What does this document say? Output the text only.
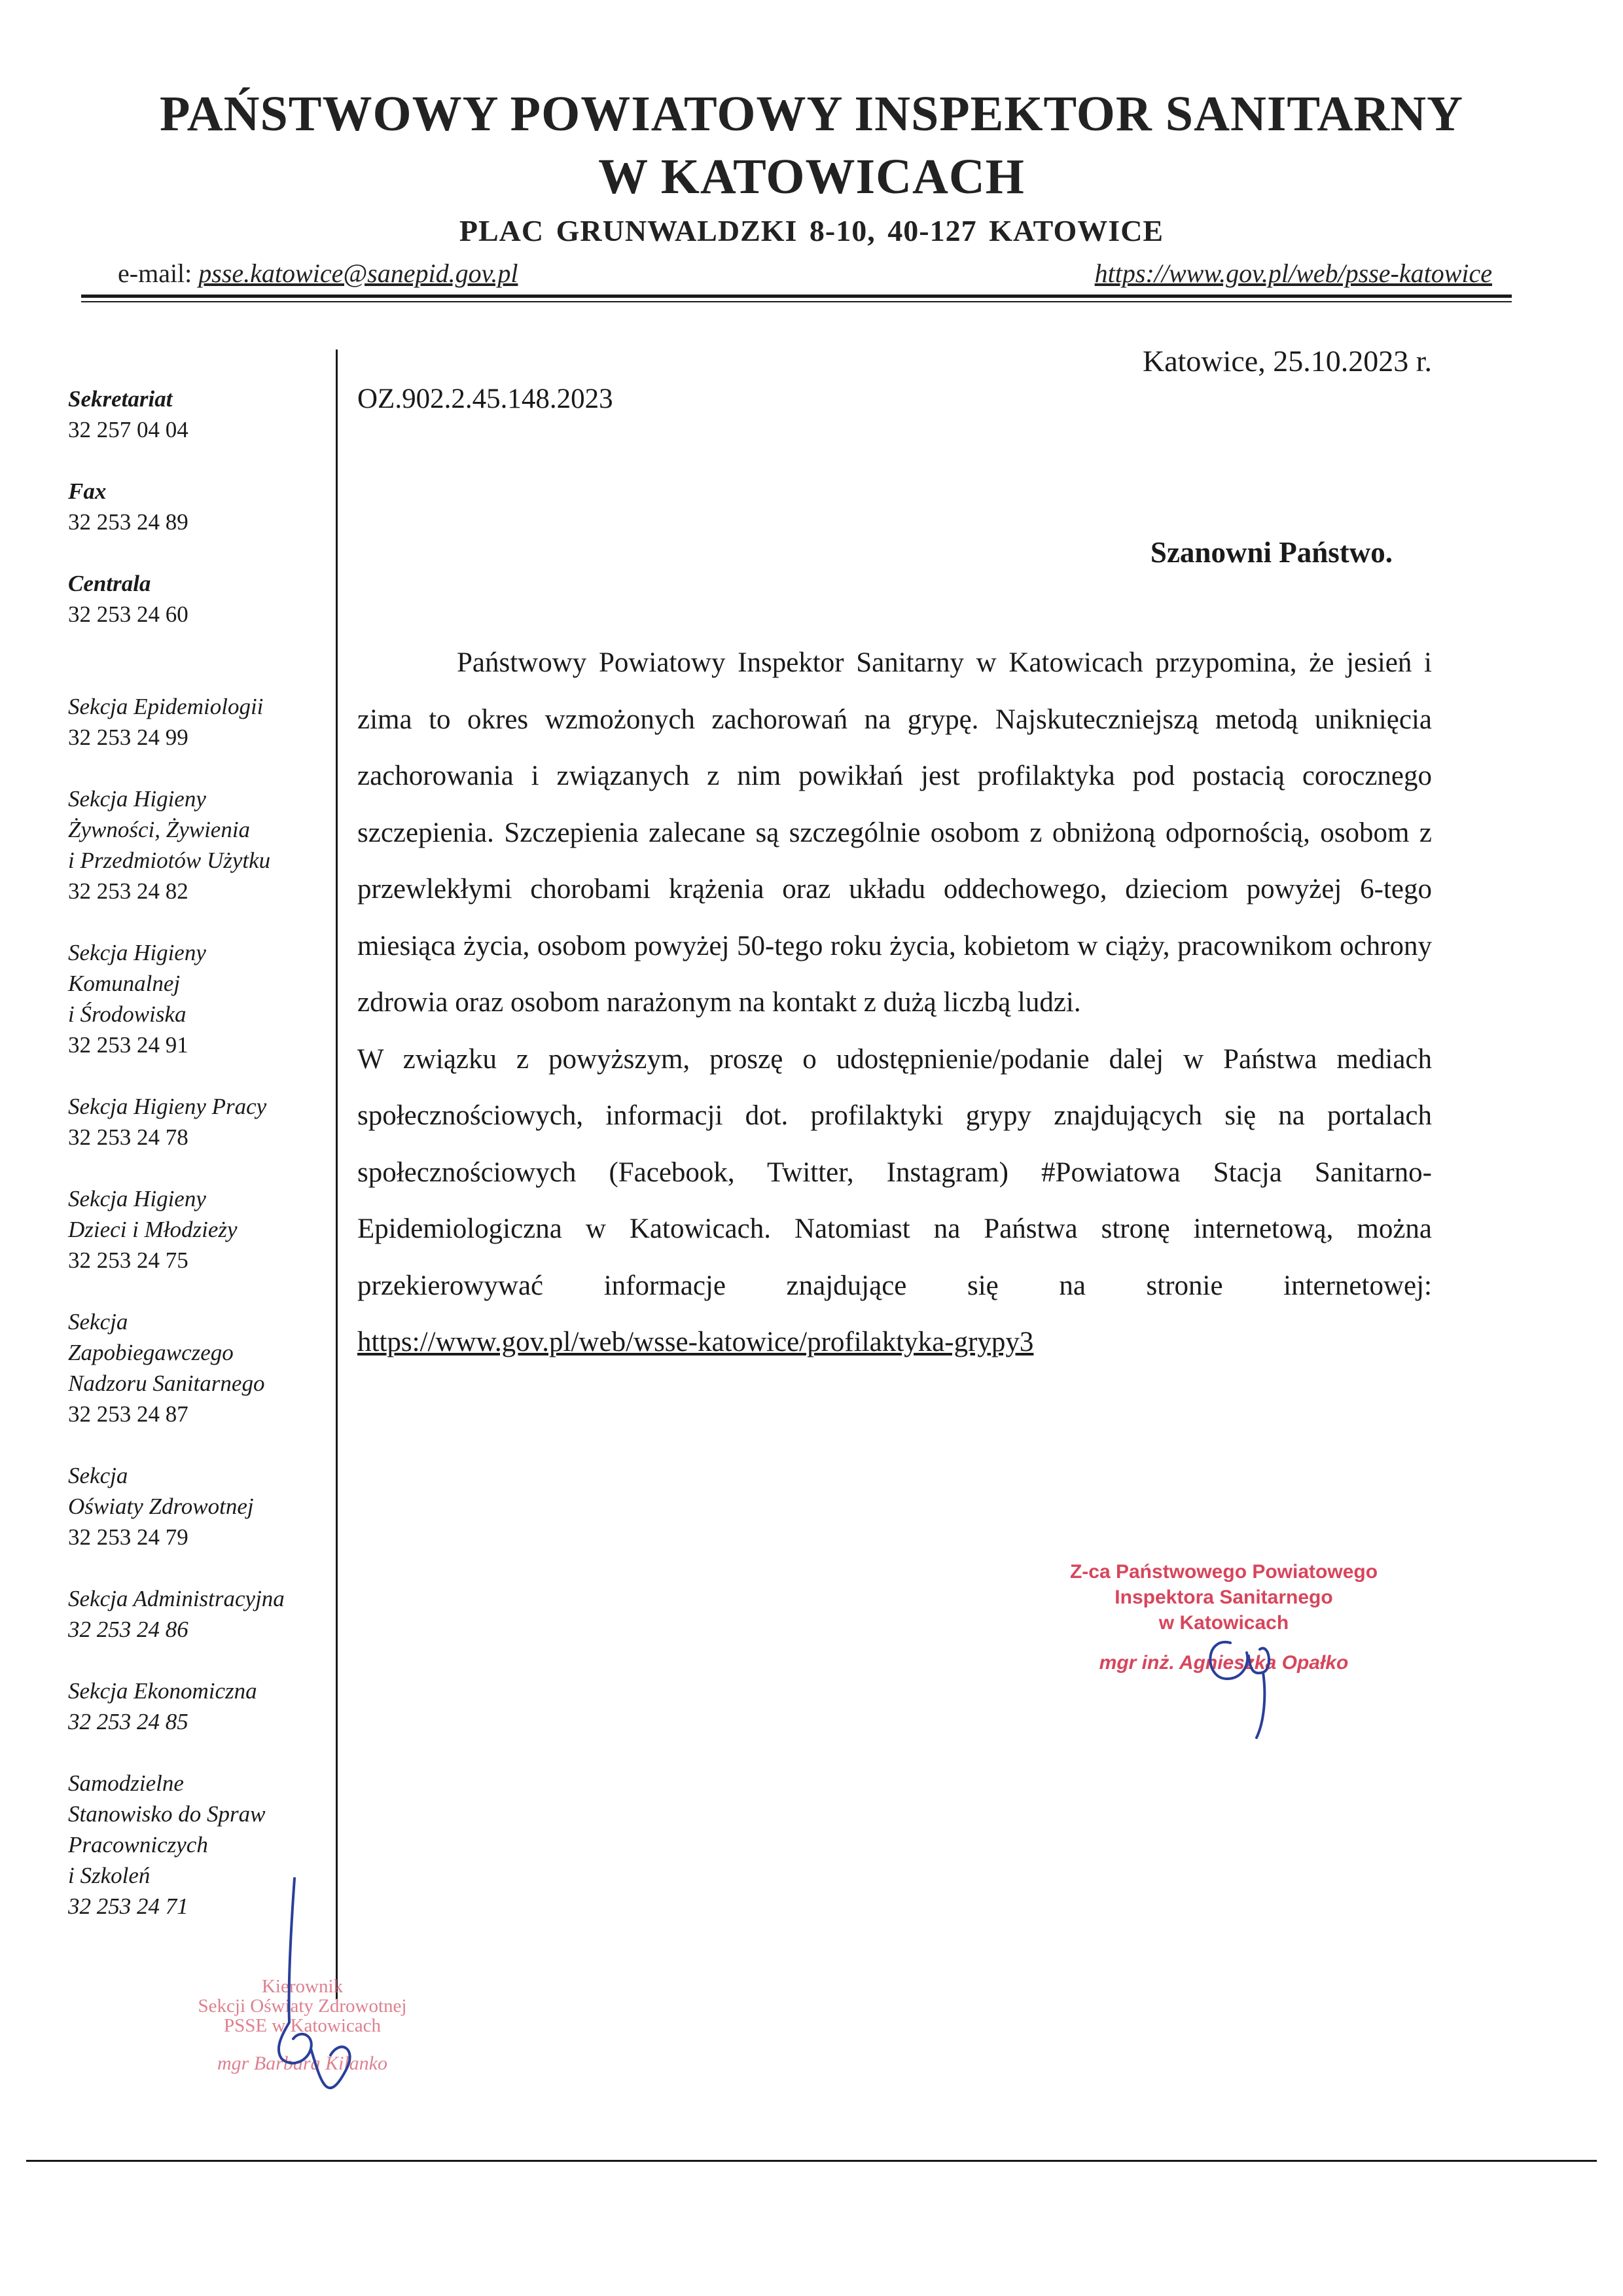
PAŃSTWOWY POWIATOWY INSPEKTOR SANITARNY
W KATOWICACH
PLAC GRUNWALDZKI 8-10, 40-127 KATOWICE
e-mail: psse.katowice@sanepid.gov.pl	https://www.gov.pl/web/psse-katowice
Sekretariat
32 257 04 04
Fax
32 253 24 89
Centrala
32 253 24 60
Sekcja Epidemiologii
32 253 24 99
Sekcja Higieny
Żywności, Żywienia
i Przedmiotów Użytku
32 253 24 82
Sekcja Higieny
Komunalnej
i Środowiska
32 253 24 91
Sekcja Higieny Pracy
32 253 24 78
Sekcja Higieny
Dzieci i Młodzieży
32 253 24 75
Sekcja
Zapobiegawczego
Nadzoru Sanitarnego
32 253 24 87
Sekcja
Oświaty Zdrowotnej
32 253 24 79
Sekcja Administracyjna
32 253 24 86
Sekcja Ekonomiczna
32 253 24 85
Samodzielne
Stanowisko do Spraw
Pracowniczych
i Szkoleń
32 253 24 71
Katowice, 25.10.2023 r.
OZ.902.2.45.148.2023
Szanowni Państwo.

Państwowy Powiatowy Inspektor Sanitarny w Katowicach przypomina, że jesień i zima to okres wzmożonych zachorowań na grypę. Najskuteczniejszą metodą uniknięcia zachorowania i związanych z nim powikłań jest profilaktyka pod postacią corocznego szczepienia. Szczepienia zalecane są szczególnie osobom z obniżoną odpornością, osobom z przewlekłymi chorobami krążenia oraz układu oddechowego, dzieciom powyżej 6-tego miesiąca życia, osobom powyżej 50-tego roku życia, kobietom w ciąży, pracownikom ochrony zdrowia oraz osobom narażonym na kontakt z dużą liczbą ludzi.

W związku z powyższym, proszę o udostępnienie/podanie dalej w Państwa mediach społecznościowych, informacji dot. profilaktyki grypy znajdujących się na portalach społecznościowych (Facebook, Twitter, Instagram) #Powiatowa Stacja Sanitarno-Epidemiologiczna w Katowicach. Natomiast na Państwa stronę internetową, można przekierowywać informacje znajdujące się na stronie internetowej: https://www.gov.pl/web/wsse-katowice/profilaktyka-grypy3

Z-ca Państwowego Powiatowego
Inspektora Sanitarnego
w Katowicach
mgr inż. Agnieszka Opałko
Kierownik
Sekcji Oświaty Zdrowotnej
PSSE w Katowicach
mgr Barbara Kilanko
